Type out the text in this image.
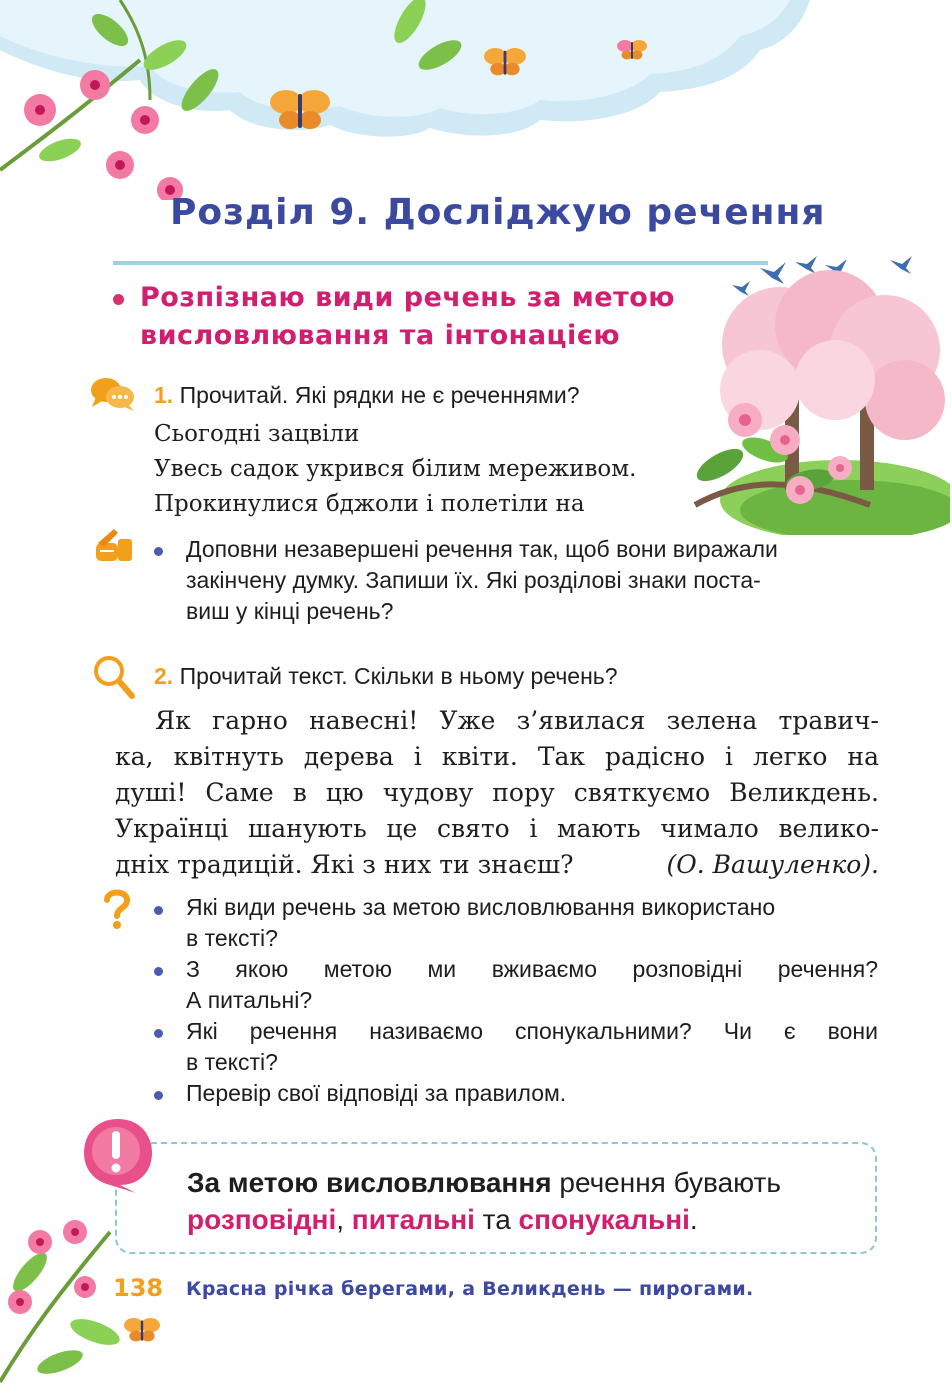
Розділ 9. Досліджую речення
Розпізнаю види речень за метою
висловлювання та інтонацією
1. Прочитай. Які рядки не є реченнями?
Сьогодні зацвіли
Увесь садок укрився білим мереживом.
Прокинулися бджоли і полетіли на
Доповни незавершені речення так, щоб вони виражали
закінчену думку. Запиши їх. Які розділові знаки поста-
виш у кінці речень?
2. Прочитай текст. Скільки в ньому речень?
Як гарно навесні! Уже з’явилася зелена травич-
ка, квітнуть дерева і квіти. Так радісно і легко на
душі! Саме в цю чудову пору святкуємо Великдень.
Українці шанують це свято і мають чимало велико-
дніх традицій. Які з них ти знаєш?	(О. Вашуленко).
Які види речень за метою висловлювання використано
в тексті?
З якою метою ми вживаємо розповідні речення?
А питальні?
Які речення називаємо спонукальними? Чи є вони
в тексті?
Перевір свої відповіді за правилом.
За метою висловлювання речення бувають
розповідні, питальні та спонукальні.
138 Красна річка берегами, а Великдень — пирогами.
